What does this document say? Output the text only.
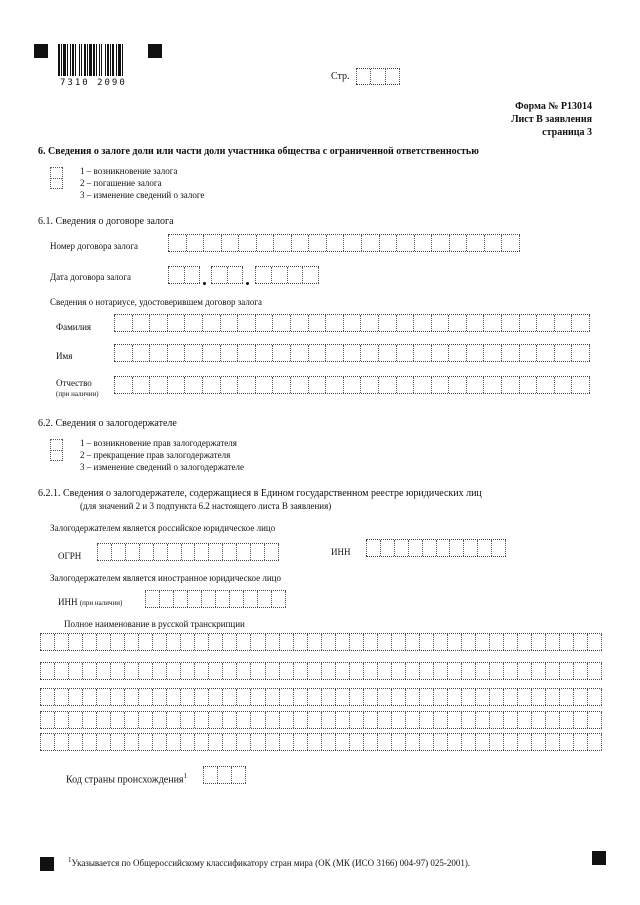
7310 2090
Стр.
Форма № Р13014
Лист В заявления
страница 3
6. Сведения о залоге доли или части доли участника общества с ограниченной ответственностью
1 – возникновение залога
2 – погашение залога
3 – изменение сведений о залоге
6.1. Сведения о договоре залога
Номер договора залога
Дата договора залога
Сведения о нотариусе, удостоверившем договор залога
Фамилия
Имя
Отчество
(при наличии)
6.2. Сведения о залогодержателе
1 – возникновение прав залогодержателя
2 – прекращение прав залогодержателя
3 – изменение сведений о залогодержателе
6.2.1. Сведения о залогодержателе, содержащиеся в Едином государственном реестре юридических лиц
(для значений 2 и 3 подпункта 6.2 настоящего листа В заявления)
Залогодержателем является российское юридическое лицо
ОГРН	ИНН
Залогодержателем является иностранное юридическое лицо
ИНН (при наличии)
Полное наименование в русской транскрипции
Код страны происхождения$^1$
$^1$Указывается по Общероссийскому классификатору стран мира (ОК (МК (ИСО 3166) 004-97) 025-2001).
